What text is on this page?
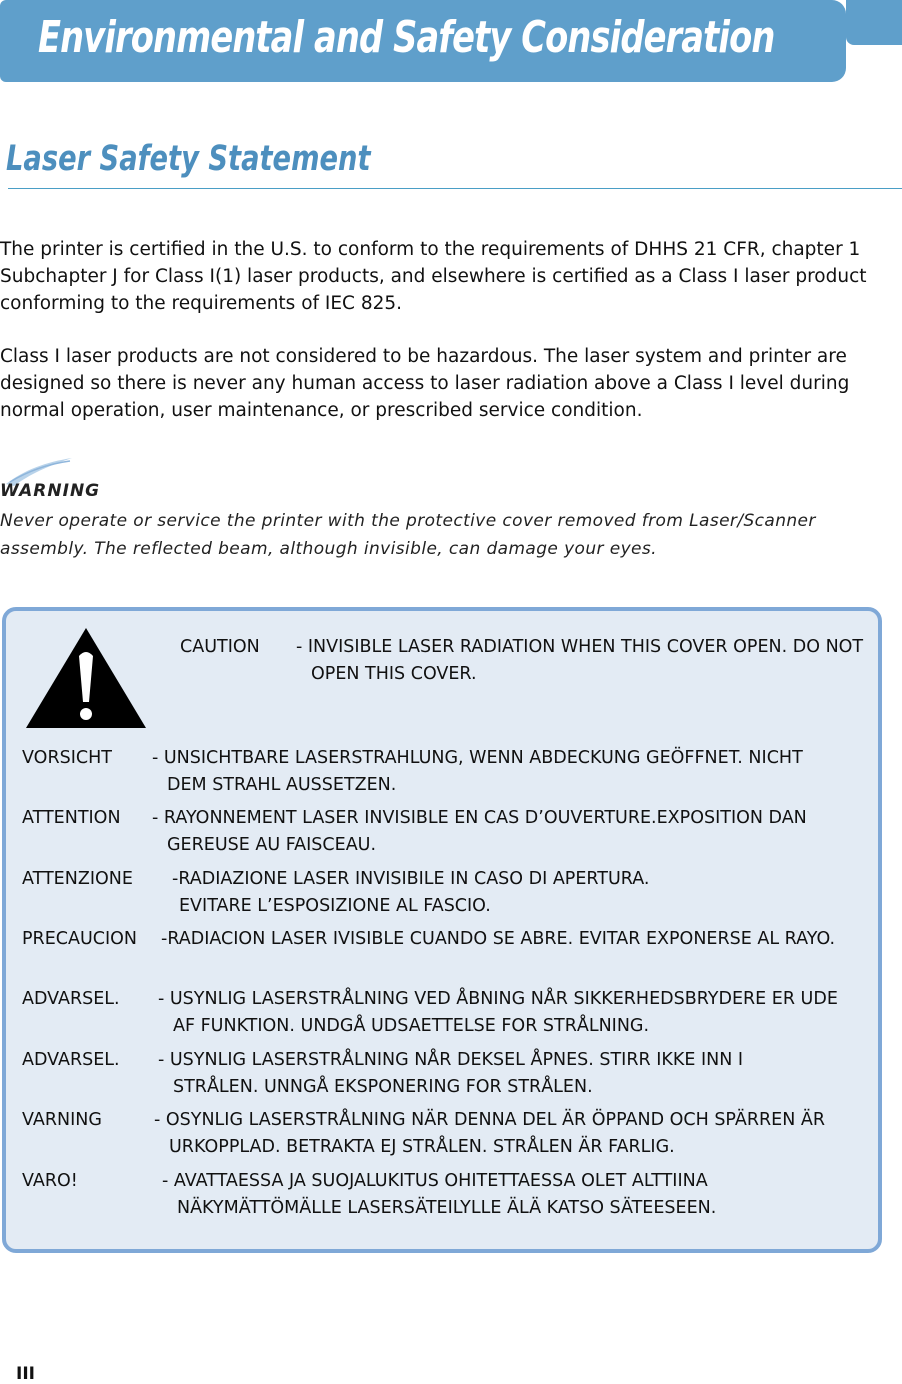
Environmental and Safety Consideration
Laser Safety Statement

The printer is certified in the U.S. to conform to the requirements of DHHS 21 CFR, chapter 1 Subchapter J for Class I(1) laser products, and elsewhere is certified as a Class I laser product conforming to the requirements of IEC 825.

Class I laser products are not considered to be hazardous. The laser system and printer are designed so there is never any human access to laser radiation above a Class I level during normal operation, user maintenance, or prescribed service condition.

WARNING

Never operate or service the printer with the protective cover removed from Laser/Scanner assembly. The reflected beam, although invisible, can damage your eyes.

CAUTION - INVISIBLE LASER RADIATION WHEN THIS COVER OPEN. DO NOT OPEN THIS COVER.
VORSICHT - UNSICHTBARE LASERSTRAHLUNG, WENN ABDECKUNG GEÖFFNET. NICHT DEM STRAHL AUSSETZEN.
ATTENTION - RAYONNEMENT LASER INVISIBLE EN CAS D’OUVERTURE.EXPOSITION DAN GEREUSE AU FAISCEAU.
ATTENZIONE -RADIAZIONE LASER INVISIBILE IN CASO DI APERTURA. EVITARE L’ESPOSIZIONE AL FASCIO.
PRECAUCION -RADIACION LASER IVISIBLE CUANDO SE ABRE. EVITAR EXPONERSE AL RAYO.
ADVARSEL. - USYNLIG LASERSTRÅLNING VED ÅBNING NÅR SIKKERHEDSBRYDERE ER UDE AF FUNKTION. UNDGÅ UDSAETTELSE FOR STRÅLNING.
ADVARSEL. - USYNLIG LASERSTRÅLNING NÅR DEKSEL ÅPNES. STIRR IKKE INN I STRÅLEN. UNNGÅ EKSPONERING FOR STRÅLEN.
VARNING	- OSYNLIG LASERSTRÅLNING NÄR DENNA DEL ÄR ÖPPAND OCH SPÄRREN ÄR URKOPPLAD. BETRAKTA EJ STRÅLEN. STRÅLEN ÄR FARLIG.
VARO!	- AVATTAESSA JA SUOJALUKITUS OHITETTAESSA OLET ALTTIINA NÄKYMÄTTÖMÄLLE LASERSÄTEILYLLE ÄLÄ KATSO SÄTEESEEN.

III
